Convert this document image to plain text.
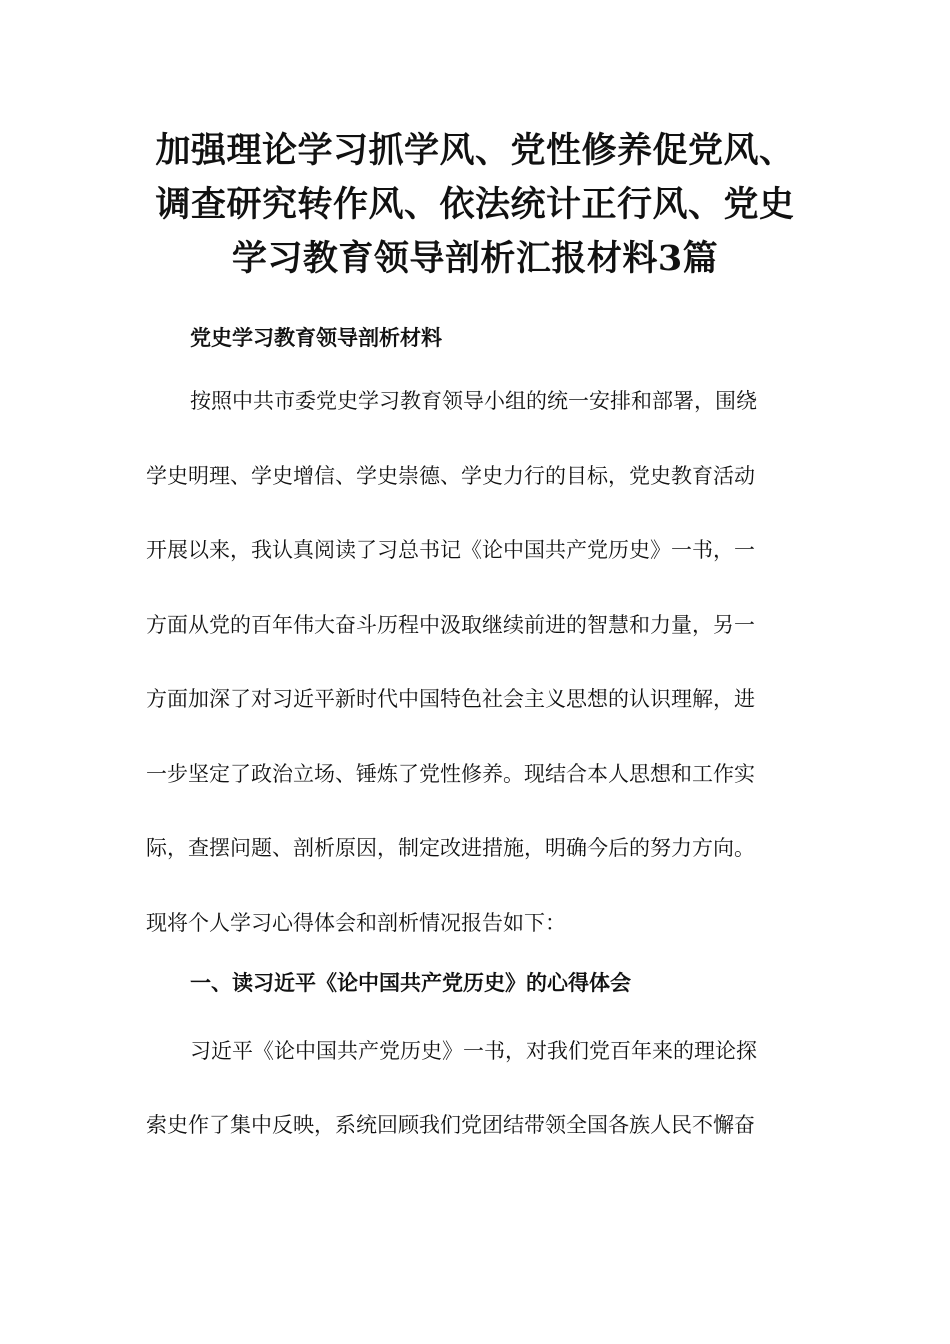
加强理论学习抓学风、党性修养促党风、
调查研究转作风、依法统计正行风、党史
学习教育领导剖析汇报材料3篇
党史学习教育领导剖析材料
按照中共市委党史学习教育领导小组的统一安排和部署，围绕
学史明理、学史增信、学史崇德、学史力行的目标，党史教育活动
开展以来，我认真阅读了习总书记《论中国共产党历史》一书，一
方面从党的百年伟大奋斗历程中汲取继续前进的智慧和力量，另一
方面加深了对习近平新时代中国特色社会主义思想的认识理解，进
一步坚定了政治立场、锤炼了党性修养。现结合本人思想和工作实
际，查摆问题、剖析原因，制定改进措施，明确今后的努力方向。
现将个人学习心得体会和剖析情况报告如下：
一、读习近平《论中国共产党历史》的心得体会
习近平《论中国共产党历史》一书，对我们党百年来的理论探
索史作了集中反映，系统回顾我们党团结带领全国各族人民不懈奋
